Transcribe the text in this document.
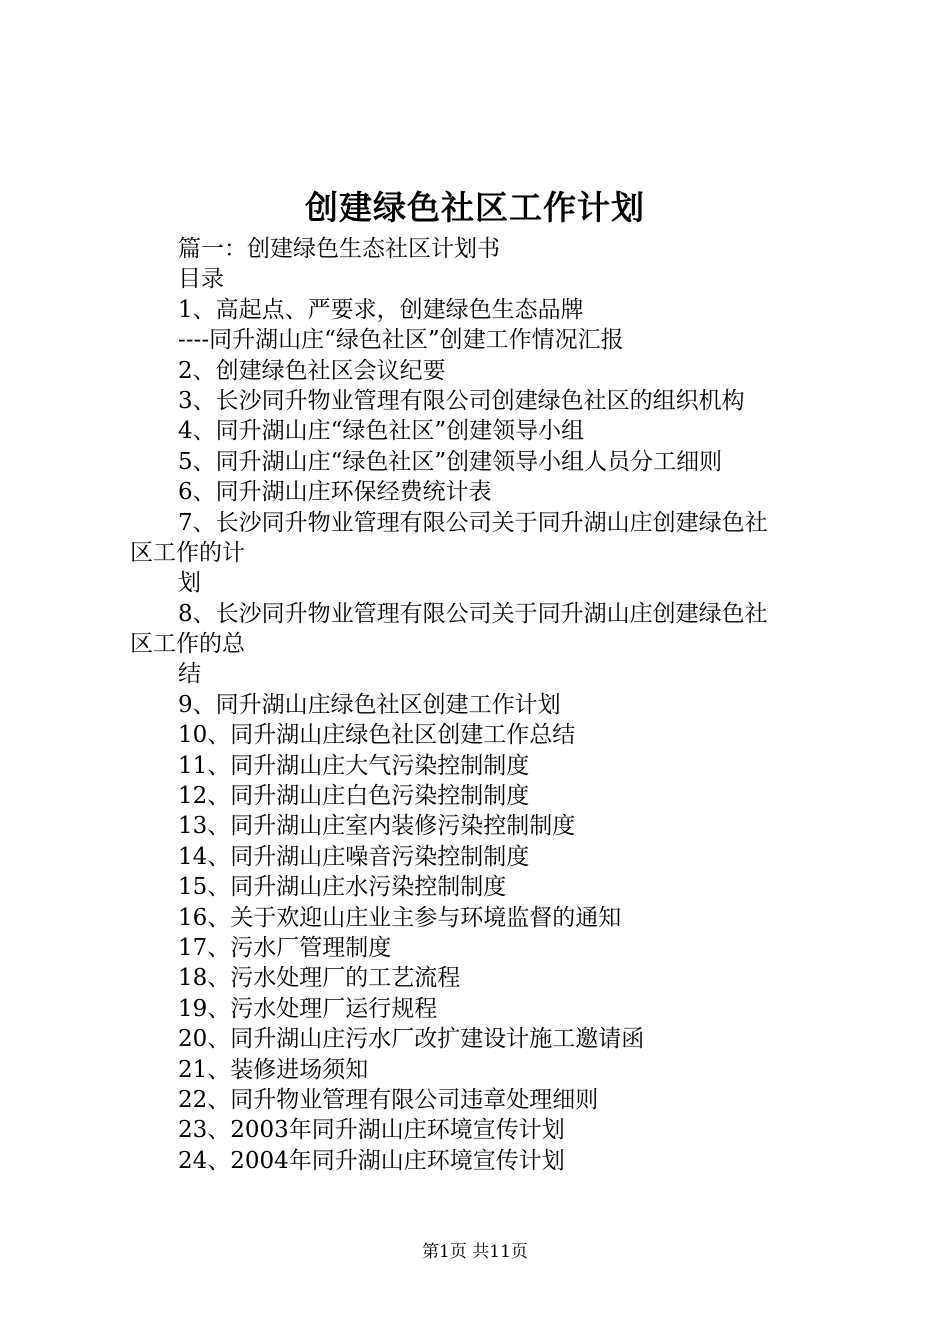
创建绿色社区工作计划
篇一：创建绿色生态社区计划书
目录
1、高起点、严要求，创建绿色生态品牌
----同升湖山庄“绿色社区”创建工作情况汇报
2、创建绿色社区会议纪要
3、长沙同升物业管理有限公司创建绿色社区的组织机构
4、同升湖山庄“绿色社区”创建领导小组
5、同升湖山庄“绿色社区”创建领导小组人员分工细则
6、同升湖山庄环保经费统计表
7、长沙同升物业管理有限公司关于同升湖山庄创建绿色社
区工作的计
划
8、长沙同升物业管理有限公司关于同升湖山庄创建绿色社
区工作的总
结
9、同升湖山庄绿色社区创建工作计划
10、同升湖山庄绿色社区创建工作总结
11、同升湖山庄大气污染控制制度
12、同升湖山庄白色污染控制制度
13、同升湖山庄室内装修污染控制制度
14、同升湖山庄噪音污染控制制度
15、同升湖山庄水污染控制制度
16、关于欢迎山庄业主参与环境监督的通知
17、污水厂管理制度
18、污水处理厂的工艺流程
19、污水处理厂运行规程
20、同升湖山庄污水厂改扩建设计施工邀请函
21、装修进场须知
22、同升物业管理有限公司违章处理细则
23、2003年同升湖山庄环境宣传计划
24、2004年同升湖山庄环境宣传计划
第1页 共11页
